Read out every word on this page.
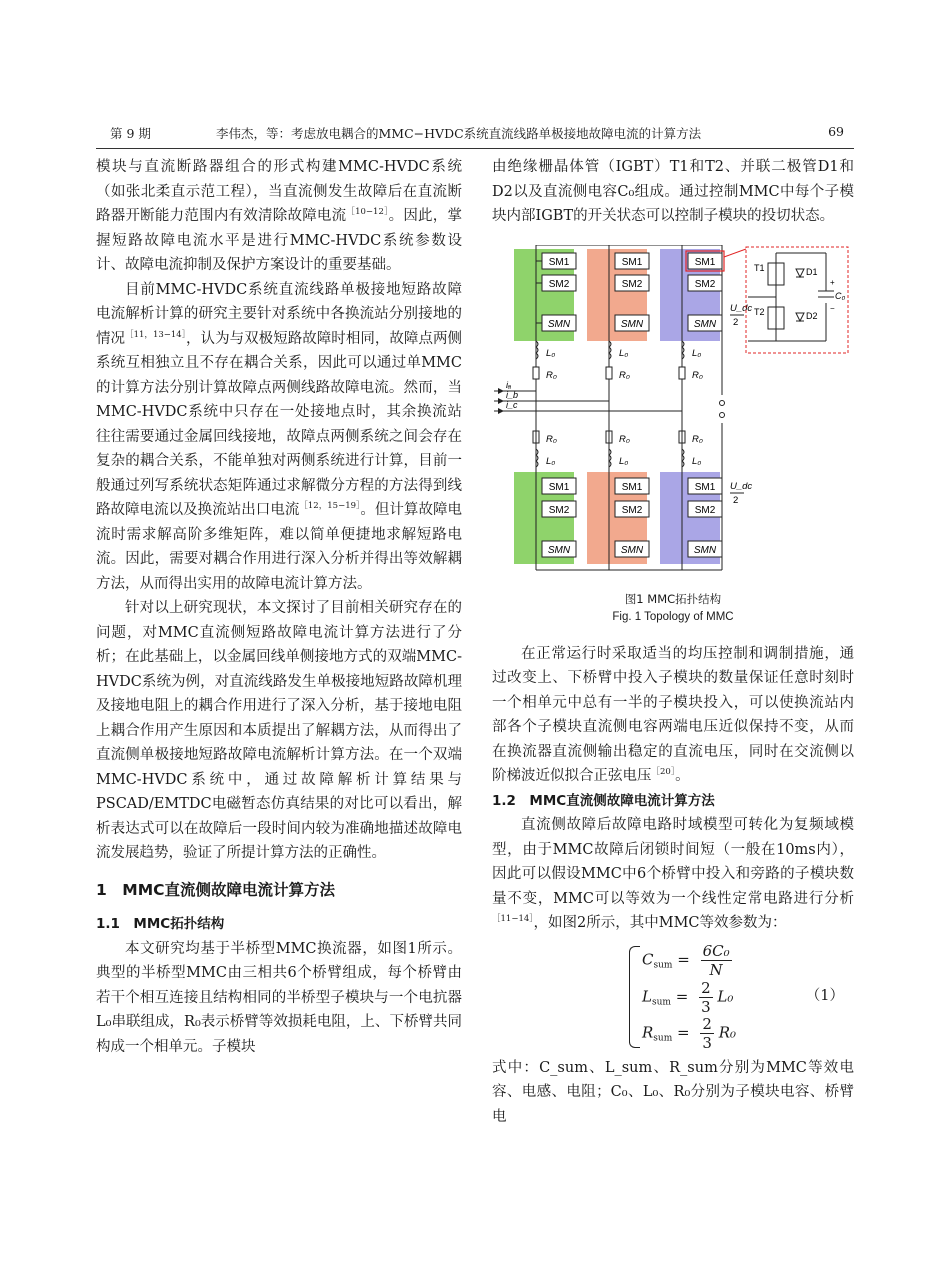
第 9 期	李伟杰，等：考虑放电耦合的MMC−HVDC系统直流线路单极接地故障电流的计算方法	69

模块与直流断路器组合的形式构建MMC-HVDC系统（如张北柔直示范工程），当直流侧发生故障后在直流断路器开断能力范围内有效清除故障电流$^{[10-12]}$。因此，掌握短路故障电流水平是进行MMC-HVDC系统参数设计、故障电流抑制及保护方案设计的重要基础。

目前MMC-HVDC系统直流线路单极接地短路故障电流解析计算的研究主要针对系统中各换流站分别接地的情况$^{[11,13-14]}$，认为与双极短路故障时相同，故障点两侧系统互相独立且不存在耦合关系，因此可以通过单MMC的计算方法分别计算故障点两侧线路故障电流。然而，当MMC-HVDC系统中只存在一处接地点时，其余换流站往往需要通过金属回线接地，故障点两侧系统之间会存在复杂的耦合关系，不能单独对两侧系统进行计算，目前一般通过列写系统状态矩阵通过求解微分方程的方法得到线路故障电流以及换流站出口电流$^{[12,15-19]}$。但计算故障电流时需求解高阶多维矩阵，难以简单便捷地求解短路电流。因此，需要对耦合作用进行深入分析并得出等效解耦方法，从而得出实用的故障电流计算方法。

针对以上研究现状，本文探讨了目前相关研究存在的问题，对MMC直流侧短路故障电流计算方法进行了分析；在此基础上，以金属回线单侧接地方式的双端MMC-HVDC系统为例，对直流线路发生单极接地短路故障机理及接地电阻上的耦合作用进行了深入分析，基于接地电阻上耦合作用产生原因和本质提出了解耦方法，从而得出了直流侧单极接地短路故障电流解析计算方法。在一个双端MMC-HVDC系统中，通过故障解析计算结果与PSCAD/EMTDC电磁暂态仿真结果的对比可以看出，解析表达式可以在故障后一段时间内较为准确地描述故障电流发展趋势，验证了所提计算方法的正确性。

1　MMC直流侧故障电流计算方法

1.1　MMC拓扑结构

本文研究均基于半桥型MMC换流器，如图1所示。典型的半桥型MMC由三相共6个桥臂组成，每个桥臂由若干个相互连接且结构相同的半桥型子模块与一个电抗器L₀串联组成，R₀表示桥臂等效损耗电阻，上、下桥臂共同构成一个相单元。子模块

由绝缘栅晶体管（IGBT）T1和T2、并联二极管D1和D2以及直流侧电容C₀组成。通过控制MMC中每个子模块内部IGBT的开关状态可以控制子模块的投切状态。

SM1
SM2
SMN
SM1
SM2
SMN
SM1
SM2
SMN
L₀	L₀	L₀
R₀	R₀	R₀
iₐ
i_b
i_c
R₀	R₀	R₀
L₀	L₀	L₀
SM1
SM2
SMN
SM1
SM2
SMN
SM1
SM2
SMN
U_dc
2
U_dc
2
+
−
C₀
T1	D1
T2	D2
图1 MMC拓扑结构
Fig. 1 Topology of MMC

在正常运行时采取适当的均压控制和调制措施，通过改变上、下桥臂中投入子模块的数量保证任意时刻时一个相单元中总有一半的子模块投入，可以使换流站内部各个子模块直流侧电容两端电压近似保持不变，从而在换流器直流侧输出稳定的直流电压，同时在交流侧以阶梯波近似拟合正弦电压$^{[20]}$。

1.2　MMC直流侧故障电流计算方法

直流侧故障后故障电路时域模型可转化为复频域模型，由于MMC故障后闭锁时间短（一般在10ms内），因此可以假设MMC中6个桥臂中投入和旁路的子模块数量不变，MMC可以等效为一个线性定常电路进行分析$^{[11-14]}$，如图2所示，其中MMC等效参数为：

$C_{sum} = \frac{\text{6C₀}}{N}$
$L_{sum} = \frac{2}{3} L_0$
$R_{sum} = \frac{2}{3} R_0$
（1）

式中：C_sum、L_sum、R_sum分别为MMC等效电容、电感、电阻；C₀、L₀、R₀分别为子模块电容、桥臂电
